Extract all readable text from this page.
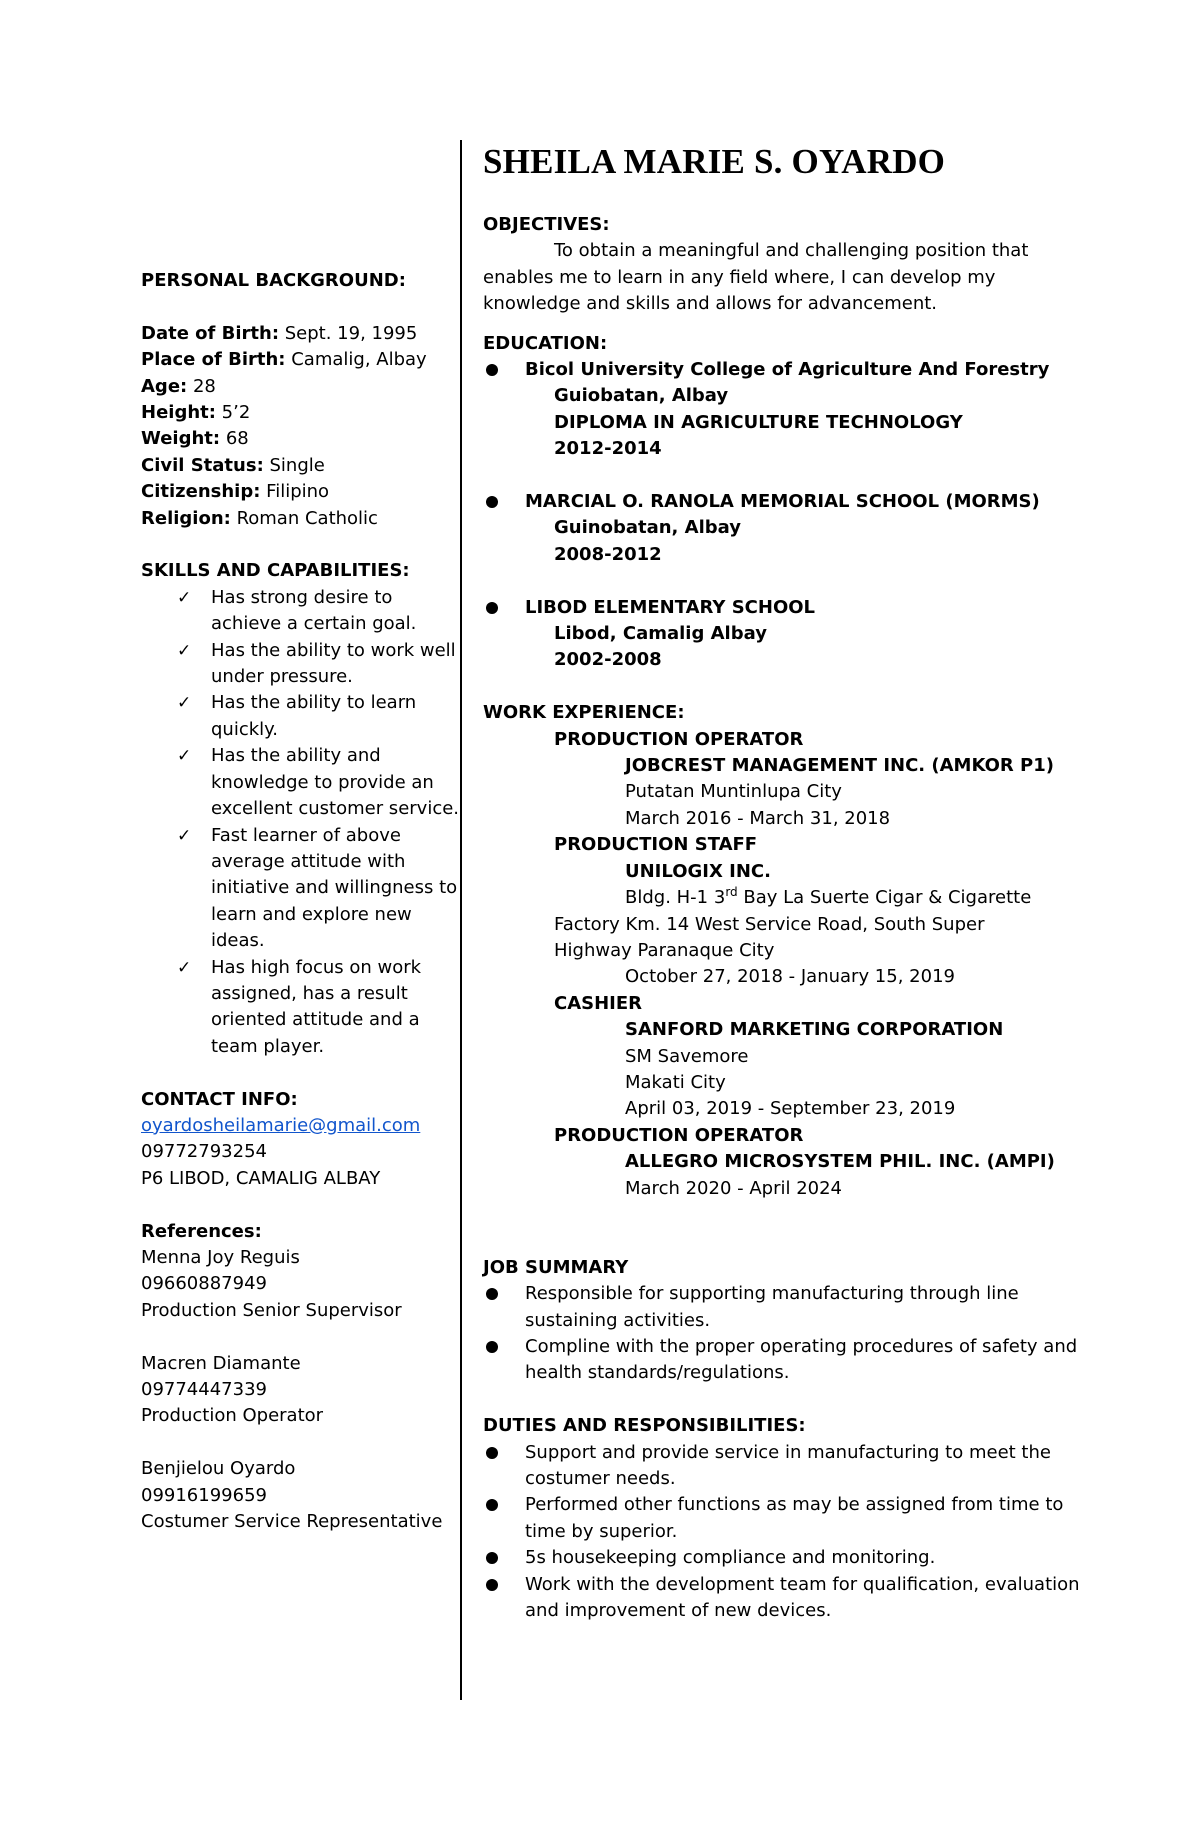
PERSONAL BACKGROUND:

Date of Birth: Sept. 19, 1995

Place of Birth: Camalig, Albay

Age: 28

Height: 5’2

Weight: 68

Civil Status: Single

Citizenship: Filipino

Religion: Roman Catholic

SKILLS AND CAPABILITIES:

✓ Has strong desire to achieve a certain goal.
✓ Has the ability to work well under pressure.
✓ Has the ability to learn quickly.
✓ Has the ability and knowledge to provide an excellent customer service.
✓ Fast learner of above average attitude with initiative and willingness to learn and explore new ideas.
✓ Has high focus on work assigned, has a result oriented attitude and a team player.

CONTACT INFO:

oyardosheilamarie@gmail.com

09772793254

P6 LIBOD, CAMALIG ALBAY

References:

Menna Joy Reguis

09660887949

Production Senior Supervisor

Macren Diamante

09774447339

Production Operator

Benjielou Oyardo

09916199659

Costumer Service Representative

SHEILA MARIE S. OYARDO

OBJECTIVES:

To obtain a meaningful and challenging position that enables me to learn in any field where, I can develop my knowledge and skills and allows for advancement.

EDUCATION:

Bicol University College of Agriculture And Forestry

Guiobatan, Albay

DIPLOMA IN AGRICULTURE TECHNOLOGY

2012-2014

MARCIAL O. RANOLA MEMORIAL SCHOOL (MORMS)

Guinobatan, Albay

2008-2012

LIBOD ELEMENTARY SCHOOL

Libod, Camalig Albay

2002-2008

WORK EXPERIENCE:

PRODUCTION OPERATOR

JOBCREST MANAGEMENT INC. (AMKOR P1)

Putatan Muntinlupa City

March 2016 - March 31, 2018

PRODUCTION STAFF

UNILOGIX INC.

Bldg. H-1 3rd Bay La Suerte Cigar & Cigarette

Factory Km. 14 West Service Road, South Super

Highway Paranaque City

October 27, 2018 - January 15, 2019

CASHIER

SANFORD MARKETING CORPORATION

SM Savemore

Makati City

April 03, 2019 - September 23, 2019

PRODUCTION OPERATOR

ALLEGRO MICROSYSTEM PHIL. INC. (AMPI)

March 2020 - April 2024

JOB SUMMARY

Responsible for supporting manufacturing through line sustaining activities.
Compline with the proper operating procedures of safety and health standards/regulations.

DUTIES AND RESPONSIBILITIES:

Support and provide service in manufacturing to meet the costumer needs.
Performed other functions as may be assigned from time to time by superior.
5s housekeeping compliance and monitoring.
Work with the development team for qualification, evaluation and improvement of new devices.
